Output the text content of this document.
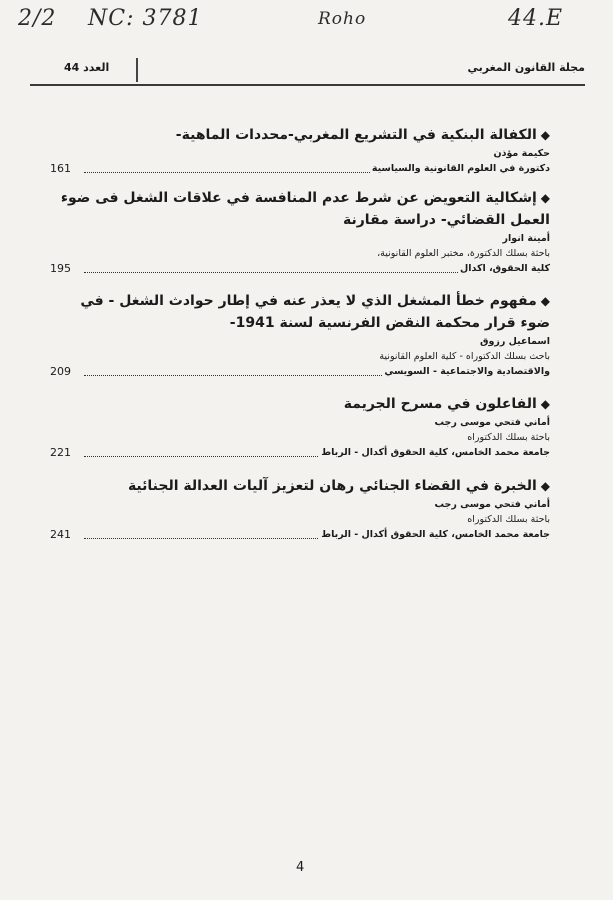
2/2 NC: 3781	Roho	44.E
العدد 44	مجلة القانون المغربي
◆الكفالة البنكية في التشريع المغربي-محددات الماهية-
حكيمة مؤذن
دكتورة في العلوم القانونية والسياسية
161
◆إشكالية التعويض عن شرط عدم المنافسة في علاقات الشغل فى ضوء العمل القضائي- دراسة مقارنة
أمينة انوار
باحثة بسلك الدكتورة، مختبر العلوم القانونية،
كلية الحقوق، اكدال
195
◆مفهوم خطأ المشغل الذي لا يعذر عنه في إطار حوادث الشغل - في ضوء قرار محكمة النقض الفرنسية لسنة 1941-
اسماعيل رزوق
باحث بسلك الدكتوراه - كلية العلوم القانونية
والاقتصادية والاجتماعية - السويسي
209
◆الفاعلون في مسرح الجريمة
أماني فتحي موسى رجب
باحثة بسلك الدكتوراه
جامعة محمد الخامس، كلية الحقوق أكدال - الرباط
221
◆الخبرة في القضاء الجنائي رهان لتعزيز آليات العدالة الجنائية
أماني فتحي موسى رجب
باحثة بسلك الدكتوراه
جامعة محمد الخامس، كلية الحقوق أكدال - الرباط
241
4
